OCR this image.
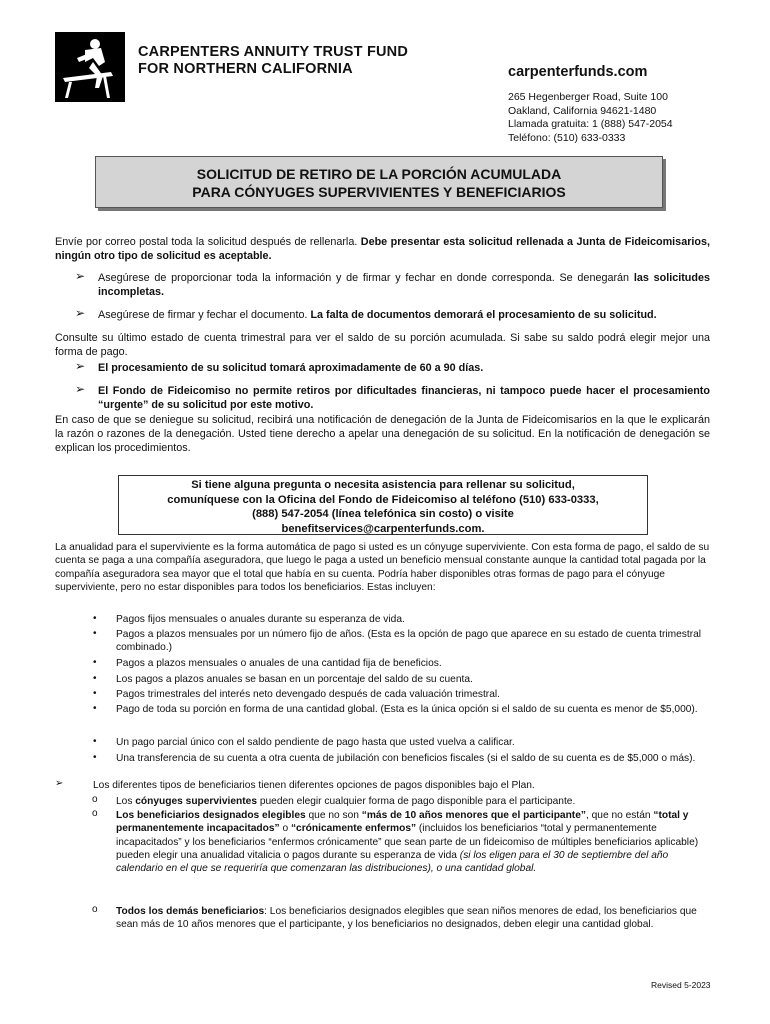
CARPENTERS ANNUITY TRUST FUND
FOR NORTHERN CALIFORNIA	carpenterfunds.com
265 Hegenberger Road, Suite 100
Oakland, California 94621-1480
Llamada gratuita: 1 (888) 547-2054
Teléfono: (510) 633-0333
SOLICITUD DE RETIRO DE LA PORCIÓN ACUMULADA
PARA CÓNYUGES SUPERVIVIENTES Y BENEFICIARIOS
Envíe por correo postal toda la solicitud después de rellenarla. Debe presentar esta solicitud rellenada a Junta de Fideicomisarios, ningún otro tipo de solicitud es aceptable.
➢ Asegúrese de proporcionar toda la información y de firmar y fechar en donde corresponda. Se denegarán las solicitudes incompletas.
➢ Asegúrese de firmar y fechar el documento. La falta de documentos demorará el procesamiento de su solicitud.
Consulte su último estado de cuenta trimestral para ver el saldo de su porción acumulada. Si sabe su saldo podrá elegir mejor una forma de pago.
➢ El procesamiento de su solicitud tomará aproximadamente de 60 a 90 días.
➢ El Fondo de Fideicomiso no permite retiros por dificultades financieras, ni tampoco puede hacer el procesamiento “urgente” de su solicitud por este motivo.
En caso de que se deniegue su solicitud, recibirá una notificación de denegación de la Junta de Fideicomisarios en la que le explicarán la razón o razones de la denegación. Usted tiene derecho a apelar una denegación de su solicitud. En la notificación de denegación se explican los procedimientos.
Si tiene alguna pregunta o necesita asistencia para rellenar su solicitud,
comuníquese con la Oficina del Fondo de Fideicomiso al teléfono (510) 633-0333,
(888) 547-2054 (línea telefónica sin costo) o visite
benefitservices@carpenterfunds.com.
La anualidad para el superviviente es la forma automática de pago si usted es un cónyuge superviviente. Con esta forma de pago, el saldo de su cuenta se paga a una compañía aseguradora, que luego le paga a usted un beneficio mensual constante aunque la cantidad total pagada por la compañía aseguradora sea mayor que el total que había en su cuenta. Podría haber disponibles otras formas de pago para el cónyuge superviviente, pero no estar disponibles para todos los beneficiarios. Estas incluyen:
• Pagos fijos mensuales o anuales durante su esperanza de vida.
• Pagos a plazos mensuales por un número fijo de años. (Esta es la opción de pago que aparece en su estado de cuenta trimestral combinado.)
• Pagos a plazos mensuales o anuales de una cantidad fija de beneficios.
• Los pagos a plazos anuales se basan en un porcentaje del saldo de su cuenta.
• Pagos trimestrales del interés neto devengado después de cada valuación trimestral.
• Pago de toda su porción en forma de una cantidad global. (Esta es la única opción si el saldo de su cuenta es menor de $5,000).
• Un pago parcial único con el saldo pendiente de pago hasta que usted vuelva a calificar.
• Una transferencia de su cuenta a otra cuenta de jubilación con beneficios fiscales (si el saldo de su cuenta es de $5,000 o más).
➢	Los diferentes tipos de beneficiarios tienen diferentes opciones de pagos disponibles bajo el Plan.
o Los cónyuges supervivientes pueden elegir cualquier forma de pago disponible para el participante.
o Los beneficiarios designados elegibles que no son “más de 10 años menores que el participante”, que no están “total y permanentemente incapacitados” o “crónicamente enfermos” (incluidos los beneficiarios “total y permanentemente incapacitados” y los beneficiarios “enfermos crónicamente” que sean parte de un fideicomiso de múltiples beneficiarios aplicable) pueden elegir una anualidad vitalicia o pagos durante su esperanza de vida (si los eligen para el 30 de septiembre del año calendario en el que se requeriría que comenzaran las distribuciones), o una cantidad global.
o Todos los demás beneficiarios: Los beneficiarios designados elegibles que sean niños menores de edad, los beneficiarios que sean más de 10 años menores que el participante, y los beneficiarios no designados, deben elegir una cantidad global.
Revised 5-2023
